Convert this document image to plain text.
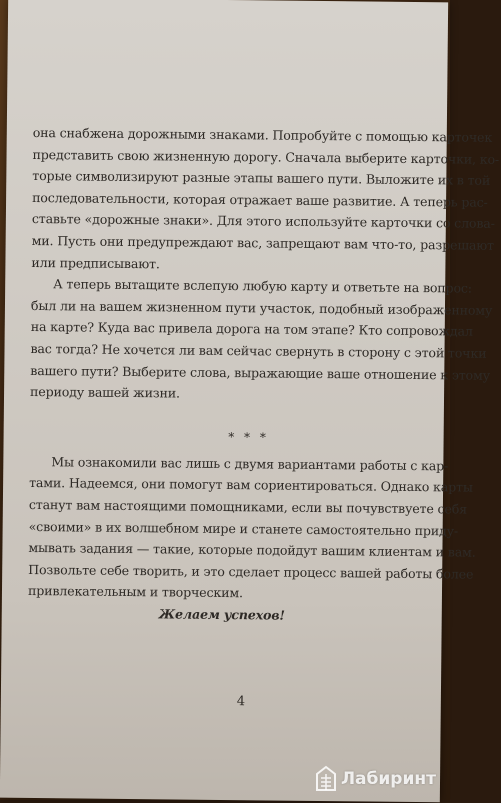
она снабжена дорожными знаками. Попробуйте с помощью карточек
представить свою жизненную дорогу. Сначала выберите карточки, ко-
торые символизируют разные этапы вашего пути. Выложите их в той
последовательности, которая отражает ваше развитие. А теперь рас-
ставьте «дорожные знаки». Для этого используйте карточки со слова-
ми. Пусть они предупреждают вас, запрещают вам что-то, разрешают
или предписывают.
А теперь вытащите вслепую любую карту и ответьте на вопрос:
был ли на вашем жизненном пути участок, подобный изображенному
на карте? Куда вас привела дорога на том этапе? Кто сопровождал
вас тогда? Не хочется ли вам сейчас свернуть в сторону с этой точки
вашего пути? Выберите слова, выражающие ваше отношение к этому
периоду вашей жизни.
* * *
Мы ознакомили вас лишь с двумя вариантами работы с кар-
тами. Надеемся, они помогут вам сориентироваться. Однако карты
станут вам настоящими помощниками, если вы почувствуете себя
«своими» в их волшебном мире и станете самостоятельно приду-
мывать задания — такие, которые подойдут вашим клиентам и вам.
Позвольте себе творить, и это сделает процесс вашей работы более
привлекательным и творческим.
Желаем успехов!
4
Лабиринт
